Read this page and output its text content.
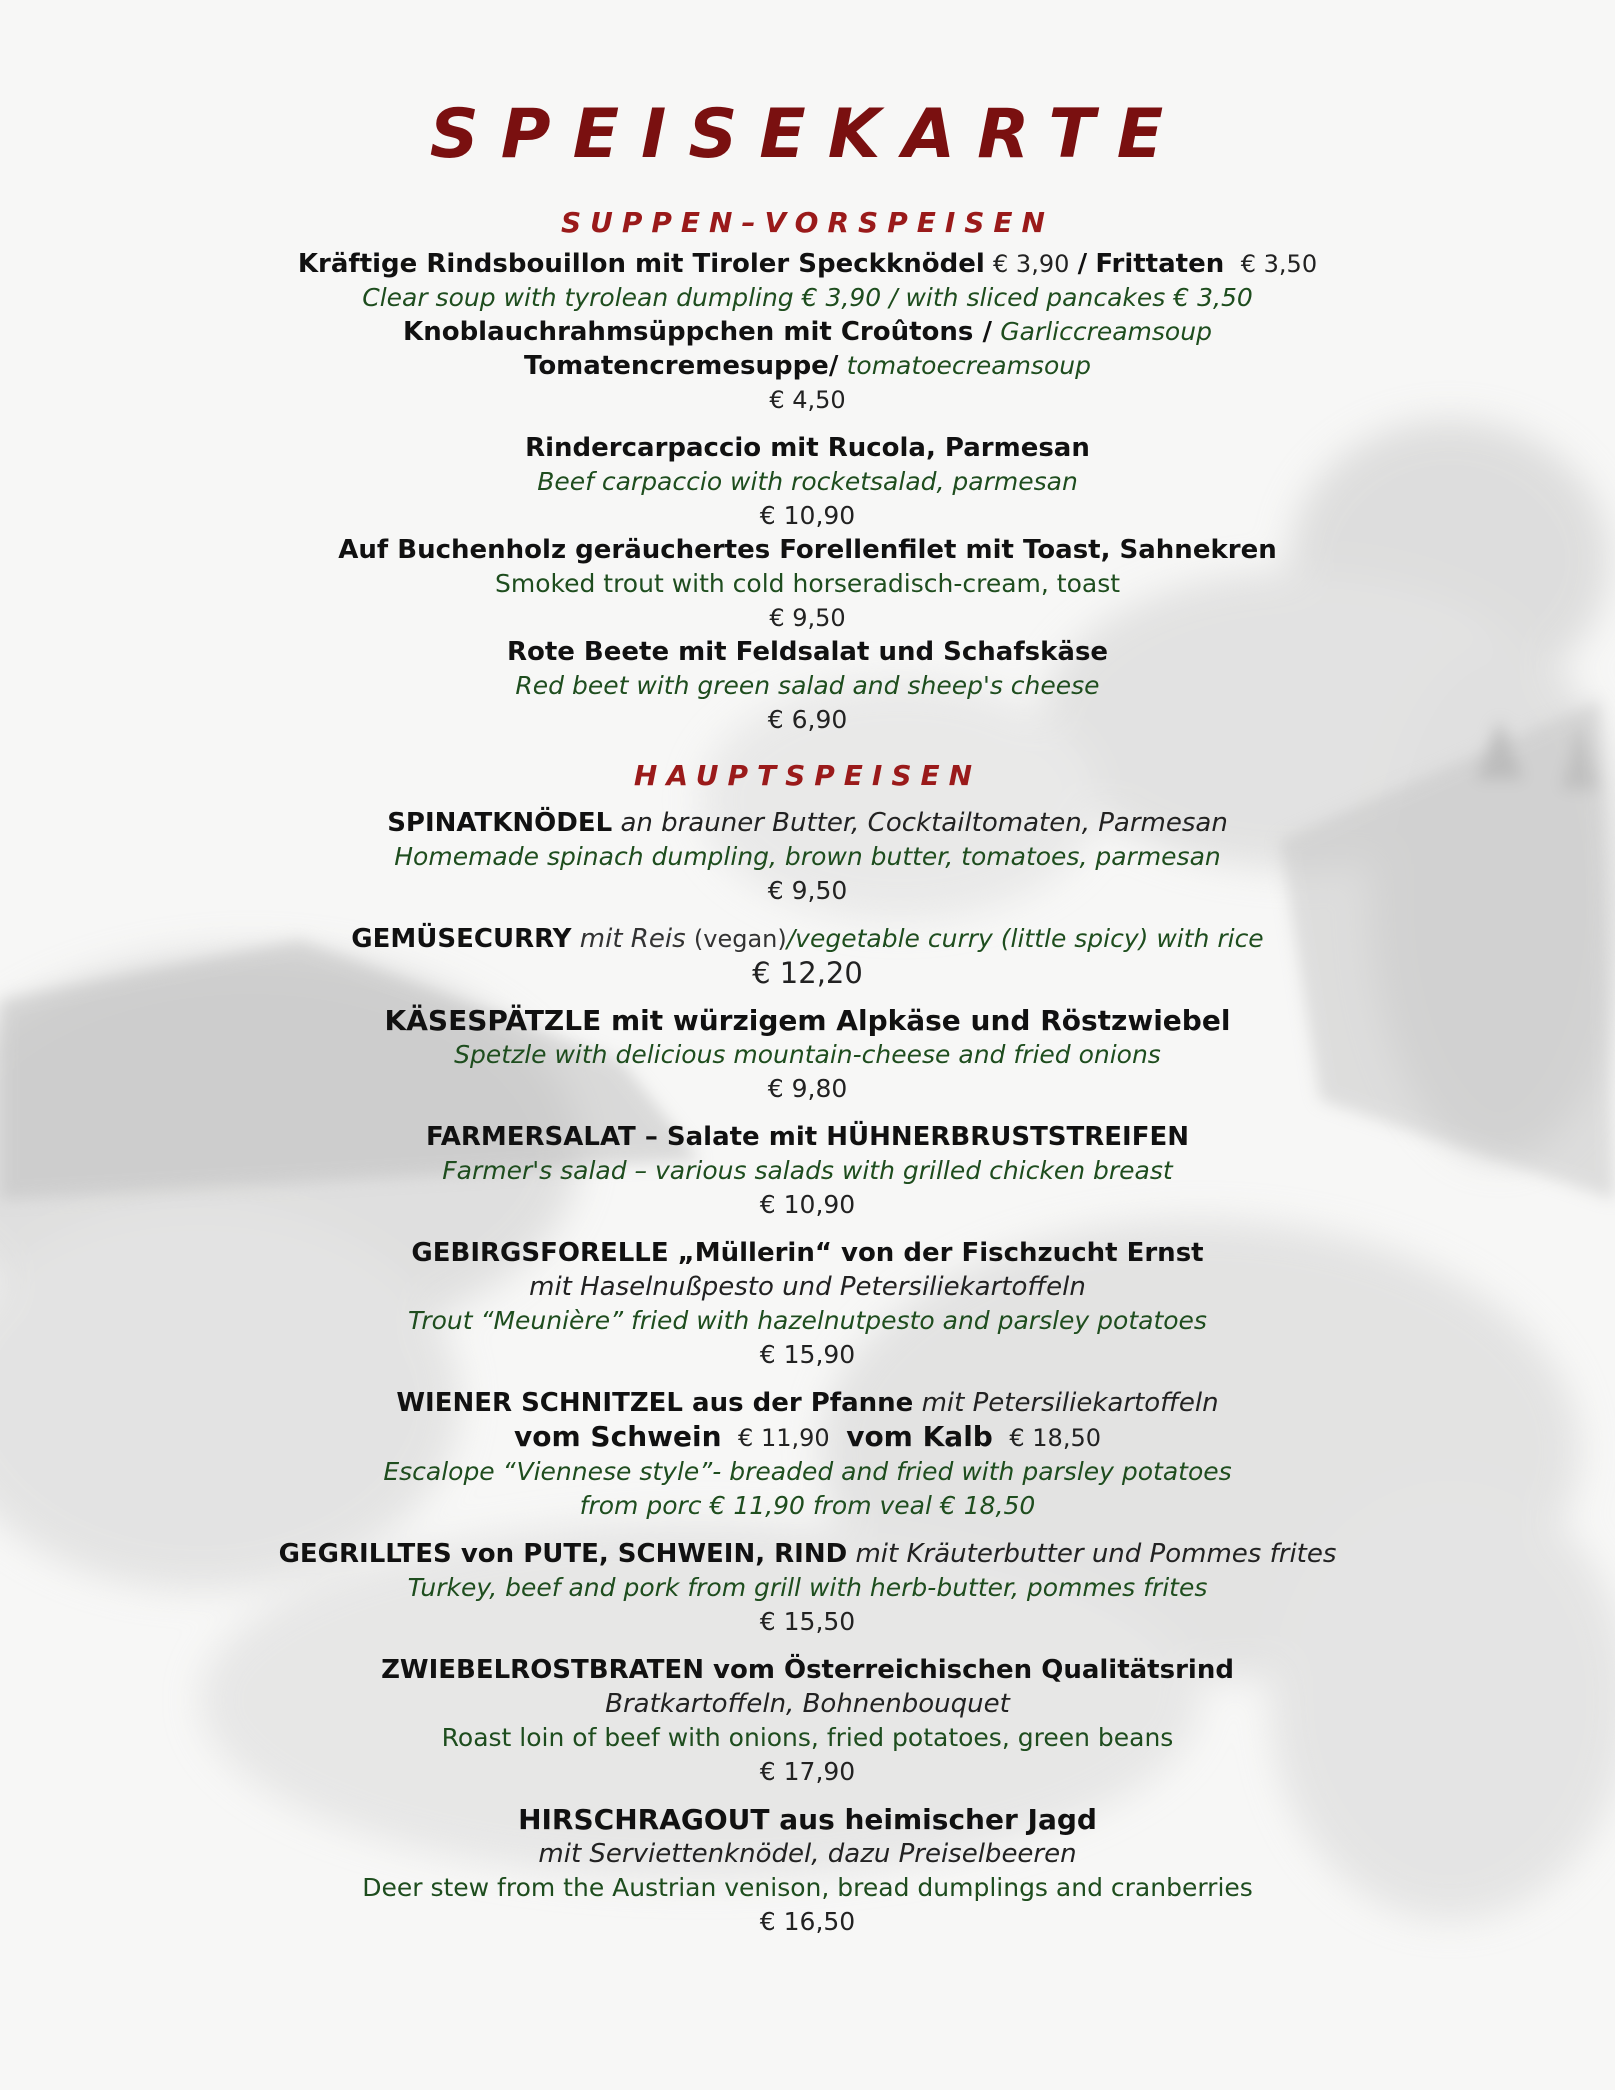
SPEISEKARTE
SUPPEN–VORSPEISEN

Kräftige Rindsbouillon mit Tiroler Speckknödel € 3,90 / Frittaten € 3,50

Clear soup with tyrolean dumpling € 3,90 / with sliced pancakes € 3,50

Knoblauchrahmsüppchen mit Croûtons / Garliccreamsoup

Tomatencremesuppe/ tomatoecreamsoup

€ 4,50

Rindercarpaccio mit Rucola, Parmesan

Beef carpaccio with rocketsalad, parmesan

€ 10,90

Auf Buchenholz geräuchertes Forellenfilet mit Toast, Sahnekren

Smoked trout with cold horseradisch-cream, toast

€ 9,50

Rote Beete mit Feldsalat und Schafskäse

Red beet with green salad and sheep's cheese

€ 6,90

HAUPTSPEISEN

SPINATKNÖDEL an brauner Butter, Cocktailtomaten, Parmesan

Homemade spinach dumpling, brown butter, tomatoes, parmesan

€ 9,50

GEMÜSECURRY mit Reis (vegan)/vegetable curry (little spicy) with rice

€ 12,20

KÄSESPÄTZLE mit würzigem Alpkäse und Röstzwiebel

Spetzle with delicious mountain-cheese and fried onions

€ 9,80

FARMERSALAT – Salate mit HÜHNERBRUSTSTREIFEN

Farmer's salad – various salads with grilled chicken breast

€ 10,90

GEBIRGSFORELLE „Müllerin“ von der Fischzucht Ernst

mit Haselnußpesto und Petersiliekartoffeln

Trout “Meunière” fried with hazelnutpesto and parsley potatoes

€ 15,90

WIENER SCHNITZEL aus der Pfanne mit Petersiliekartoffeln

vom Schwein € 11,90 vom Kalb € 18,50

Escalope “Viennese style”- breaded and fried with parsley potatoes

from porc € 11,90 from veal € 18,50

GEGRILLTES von PUTE, SCHWEIN, RIND mit Kräuterbutter und Pommes frites

Turkey, beef and pork from grill with herb-butter, pommes frites

€ 15,50

ZWIEBELROSTBRATEN vom Österreichischen Qualitätsrind

Bratkartoffeln, Bohnenbouquet

Roast loin of beef with onions, fried potatoes, green beans

€ 17,90

HIRSCHRAGOUT aus heimischer Jagd

mit Serviettenknödel, dazu Preiselbeeren

Deer stew from the Austrian venison, bread dumplings and cranberries

€ 16,50
